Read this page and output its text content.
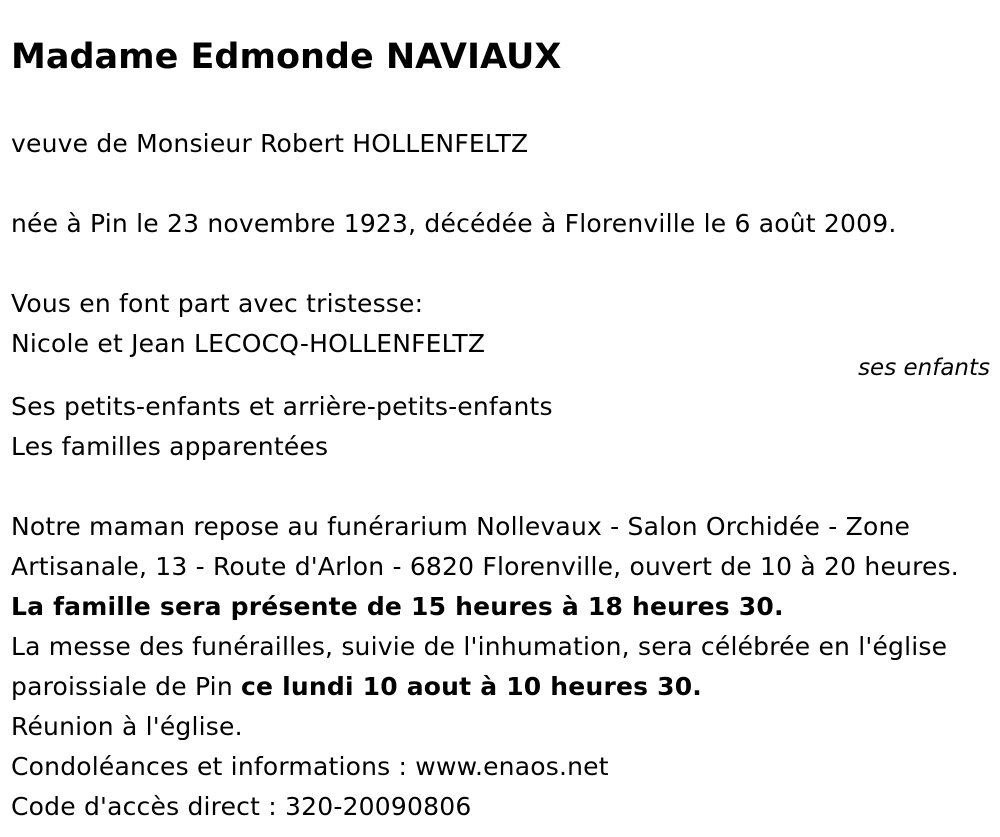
Madame Edmonde NAVIAUX
veuve de Monsieur Robert HOLLENFELTZ
née à Pin le 23 novembre 1923, décédée à Florenville le 6 août 2009.
Vous en font part avec tristesse:
Nicole et Jean LECOCQ-HOLLENFELTZ
ses enfants
Ses petits-enfants et arrière-petits-enfants
Les familles apparentées
Notre maman repose au funérarium Nollevaux - Salon Orchidée - Zone
Artisanale, 13 - Route d'Arlon - 6820 Florenville, ouvert de 10 à 20 heures.
La famille sera présente de 15 heures à 18 heures 30.
La messe des funérailles, suivie de l'inhumation, sera célébrée en l'église
paroissiale de Pin ce lundi 10 aout à 10 heures 30.
Réunion à l'église.
Condoléances et informations : www.enaos.net
Code d'accès direct : 320-20090806
